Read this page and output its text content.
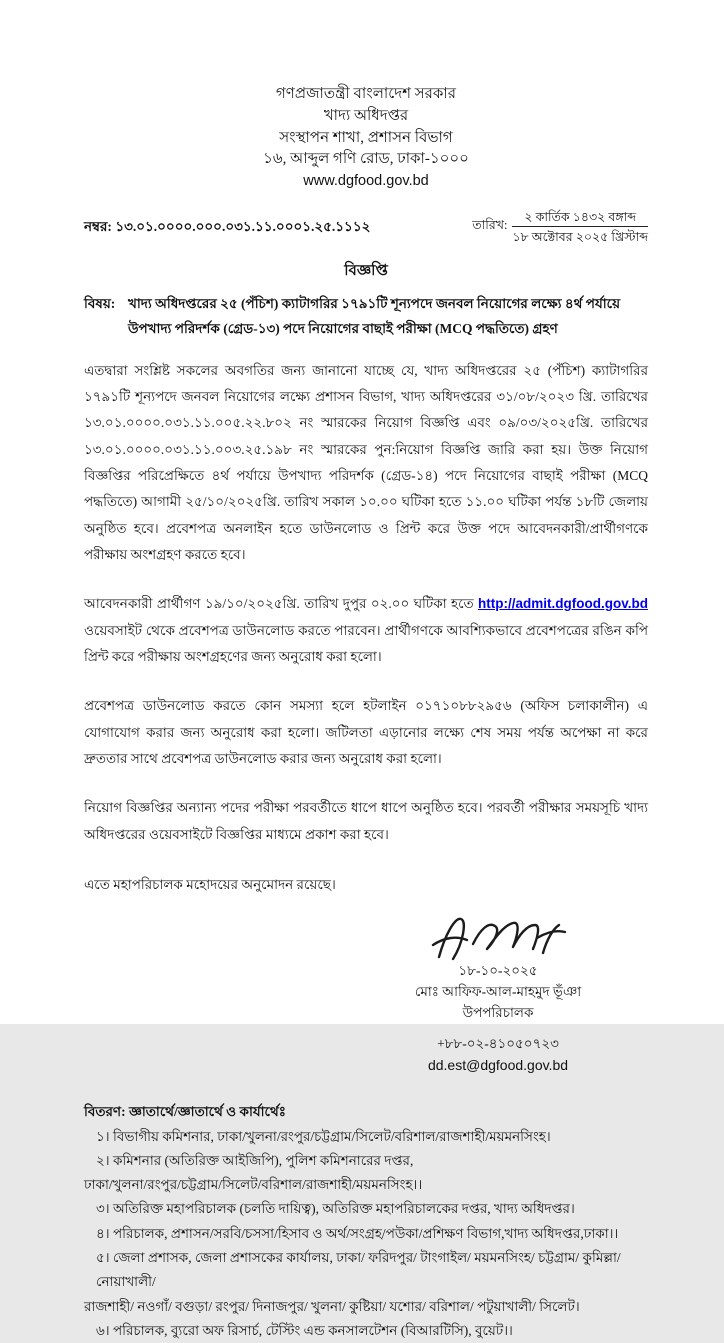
গণপ্রজাতন্ত্রী বাংলাদেশ সরকার
খাদ্য অধিদপ্তর
সংস্থাপন শাখা, প্রশাসন বিভাগ
১৬, আব্দুল গণি রোড, ঢাকা-১০০০
www.dgfood.gov.bd
নম্বর: ১৩.০১.০০০০.০০০.০৩১.১১.০০০১.২৫.১১১২	তারিখ:
২ কার্তিক ১৪৩২ বঙ্গাব্দ
১৮ অক্টোবর ২০২৫ খ্রিস্টাব্দ
বিজ্ঞপ্তি
বিষয়: খাদ্য অধিদপ্তরের ২৫ (পঁচিশ) ক্যাটাগরির ১৭৯১টি শূন্যপদে জনবল নিয়োগের লক্ষ্যে ৪র্থ পর্যায়ে উপখাদ্য পরিদর্শক (গ্রেড-১৩) পদে নিয়োগের বাছাই পরীক্ষা (MCQ পদ্ধতিতে) গ্রহণ
এতদ্বারা সংশ্লিষ্ট সকলের অবগতির জন্য জানানো যাচ্ছে যে, খাদ্য অধিদপ্তরের ২৫ (পঁচিশ) ক্যাটাগরির ১৭৯১টি শূন্যপদে জনবল নিয়োগের লক্ষ্যে প্রশাসন বিভাগ, খাদ্য অধিদপ্তরের ৩১/০৮/২০২৩ খ্রি. তারিখের ১৩.০১.০০০০.০৩১.১১.০০৫.২২.৮০২ নং স্মারকের নিয়োগ বিজ্ঞপ্তি এবং ০৯/০৩/২০২৫খ্রি. তারিখের ১৩.০১.০০০০.০৩১.১১.০০৩.২৫.১৯৮ নং স্মারকের পুন:নিয়োগ বিজ্ঞপ্তি জারি করা হয়। উক্ত নিয়োগ বিজ্ঞপ্তির পরিপ্রেক্ষিতে ৪র্থ পর্যায়ে উপখাদ্য পরিদর্শক (গ্রেড-১৪) পদে নিয়োগের বাছাই পরীক্ষা (MCQ পদ্ধতিতে) আগামী ২৫/১০/২০২৫খ্রি. তারিখ সকাল ১০.০০ ঘটিকা হতে ১১.০০ ঘটিকা পর্যন্ত ১৮টি জেলায় অনুষ্ঠিত হবে। প্রবেশপত্র অনলাইন হতে ডাউনলোড ও প্রিন্ট করে উক্ত পদে আবেদনকারী/প্রার্থীগণকে পরীক্ষায় অংশগ্রহণ করতে হবে।
আবেদনকারী প্রার্থীগণ ১৯/১০/২০২৫খ্রি. তারিখ দুপুর ০২.০০ ঘটিকা হতে http://admit.dgfood.gov.bd ওয়েবসাইট থেকে প্রবেশপত্র ডাউনলোড করতে পারবেন। প্রার্থীগণকে আবশ্যিকভাবে প্রবেশপত্রের রঙিন কপি প্রিন্ট করে পরীক্ষায় অংশগ্রহণের জন্য অনুরোধ করা হলো।
প্রবেশপত্র ডাউনলোড করতে কোন সমস্যা হলে হটলাইন ০১৭১০৮৮২৯৫৬ (অফিস চলাকালীন) এ যোগাযোগ করার জন্য অনুরোধ করা হলো। জটিলতা এড়ানোর লক্ষ্যে শেষ সময় পর্যন্ত অপেক্ষা না করে দ্রুততার সাথে প্রবেশপত্র ডাউনলোড করার জন্য অনুরোধ করা হলো।
নিয়োগ বিজ্ঞপ্তির অন্যান্য পদের পরীক্ষা পরবর্তীতে ধাপে ধাপে অনুষ্ঠিত হবে। পরবর্তী পরীক্ষার সময়সূচি খাদ্য অধিদপ্তরের ওয়েবসাইটে বিজ্ঞপ্তির মাধ্যমে প্রকাশ করা হবে।
এতে মহাপরিচালক মহোদয়ের অনুমোদন রয়েছে।
১৮-১০-২০২৫
মোঃ আফিফ-আল-মাহমুদ ভূঁঞা
উপপরিচালক
+৮৮-০২-৪১০৫০৭২৩
dd.est@dgfood.gov.bd
বিতরণ: জ্ঞাতার্থে/জ্ঞাতার্থে ও কার্যার্থেঃ
১। বিভাগীয় কমিশনার, ঢাকা/খুলনা/রংপুর/চট্টগ্রাম/সিলেট/বরিশাল/রাজশাহী/ময়মনসিংহ।
২। কমিশনার (অতিরিক্ত আইজিপি), পুলিশ কমিশনারের দপ্তর,
ঢাকা/খুলনা/রংপুর/চট্টগ্রাম/সিলেট/বরিশাল/রাজশাহী/ময়মনসিংহ।।
৩। অতিরিক্ত মহাপরিচালক (চলতি দায়িত্ব), অতিরিক্ত মহাপরিচালকের দপ্তর, খাদ্য অধিদপ্তর।
৪। পরিচালক, প্রশাসন/সরবি/চসসা/হিসাব ও অর্থ/সংগ্রহ/পউকা/প্রশিক্ষণ বিভাগ,খাদ্য অধিদপ্তর,ঢাকা।।
৫। জেলা প্রশাসক, জেলা প্রশাসকের কার্যালয়, ঢাকা/ ফরিদপুর/ টাংগাইল/ ময়মনসিংহ/ চট্টগ্রাম/ কুমিল্লা/ নোয়াখালী/
রাজশাহী/ নওগাঁ/ বগুড়া/ রংপুর/ দিনাজপুর/ খুলনা/ কুষ্টিয়া/ যশোর/ বরিশাল/ পটুয়াখালী/ সিলেট।
৬। পরিচালক, ব্যুরো অফ রিসার্চ, টেস্টিং এন্ড কনসালটেশন (বিআরটিসি), বুয়েট।।
